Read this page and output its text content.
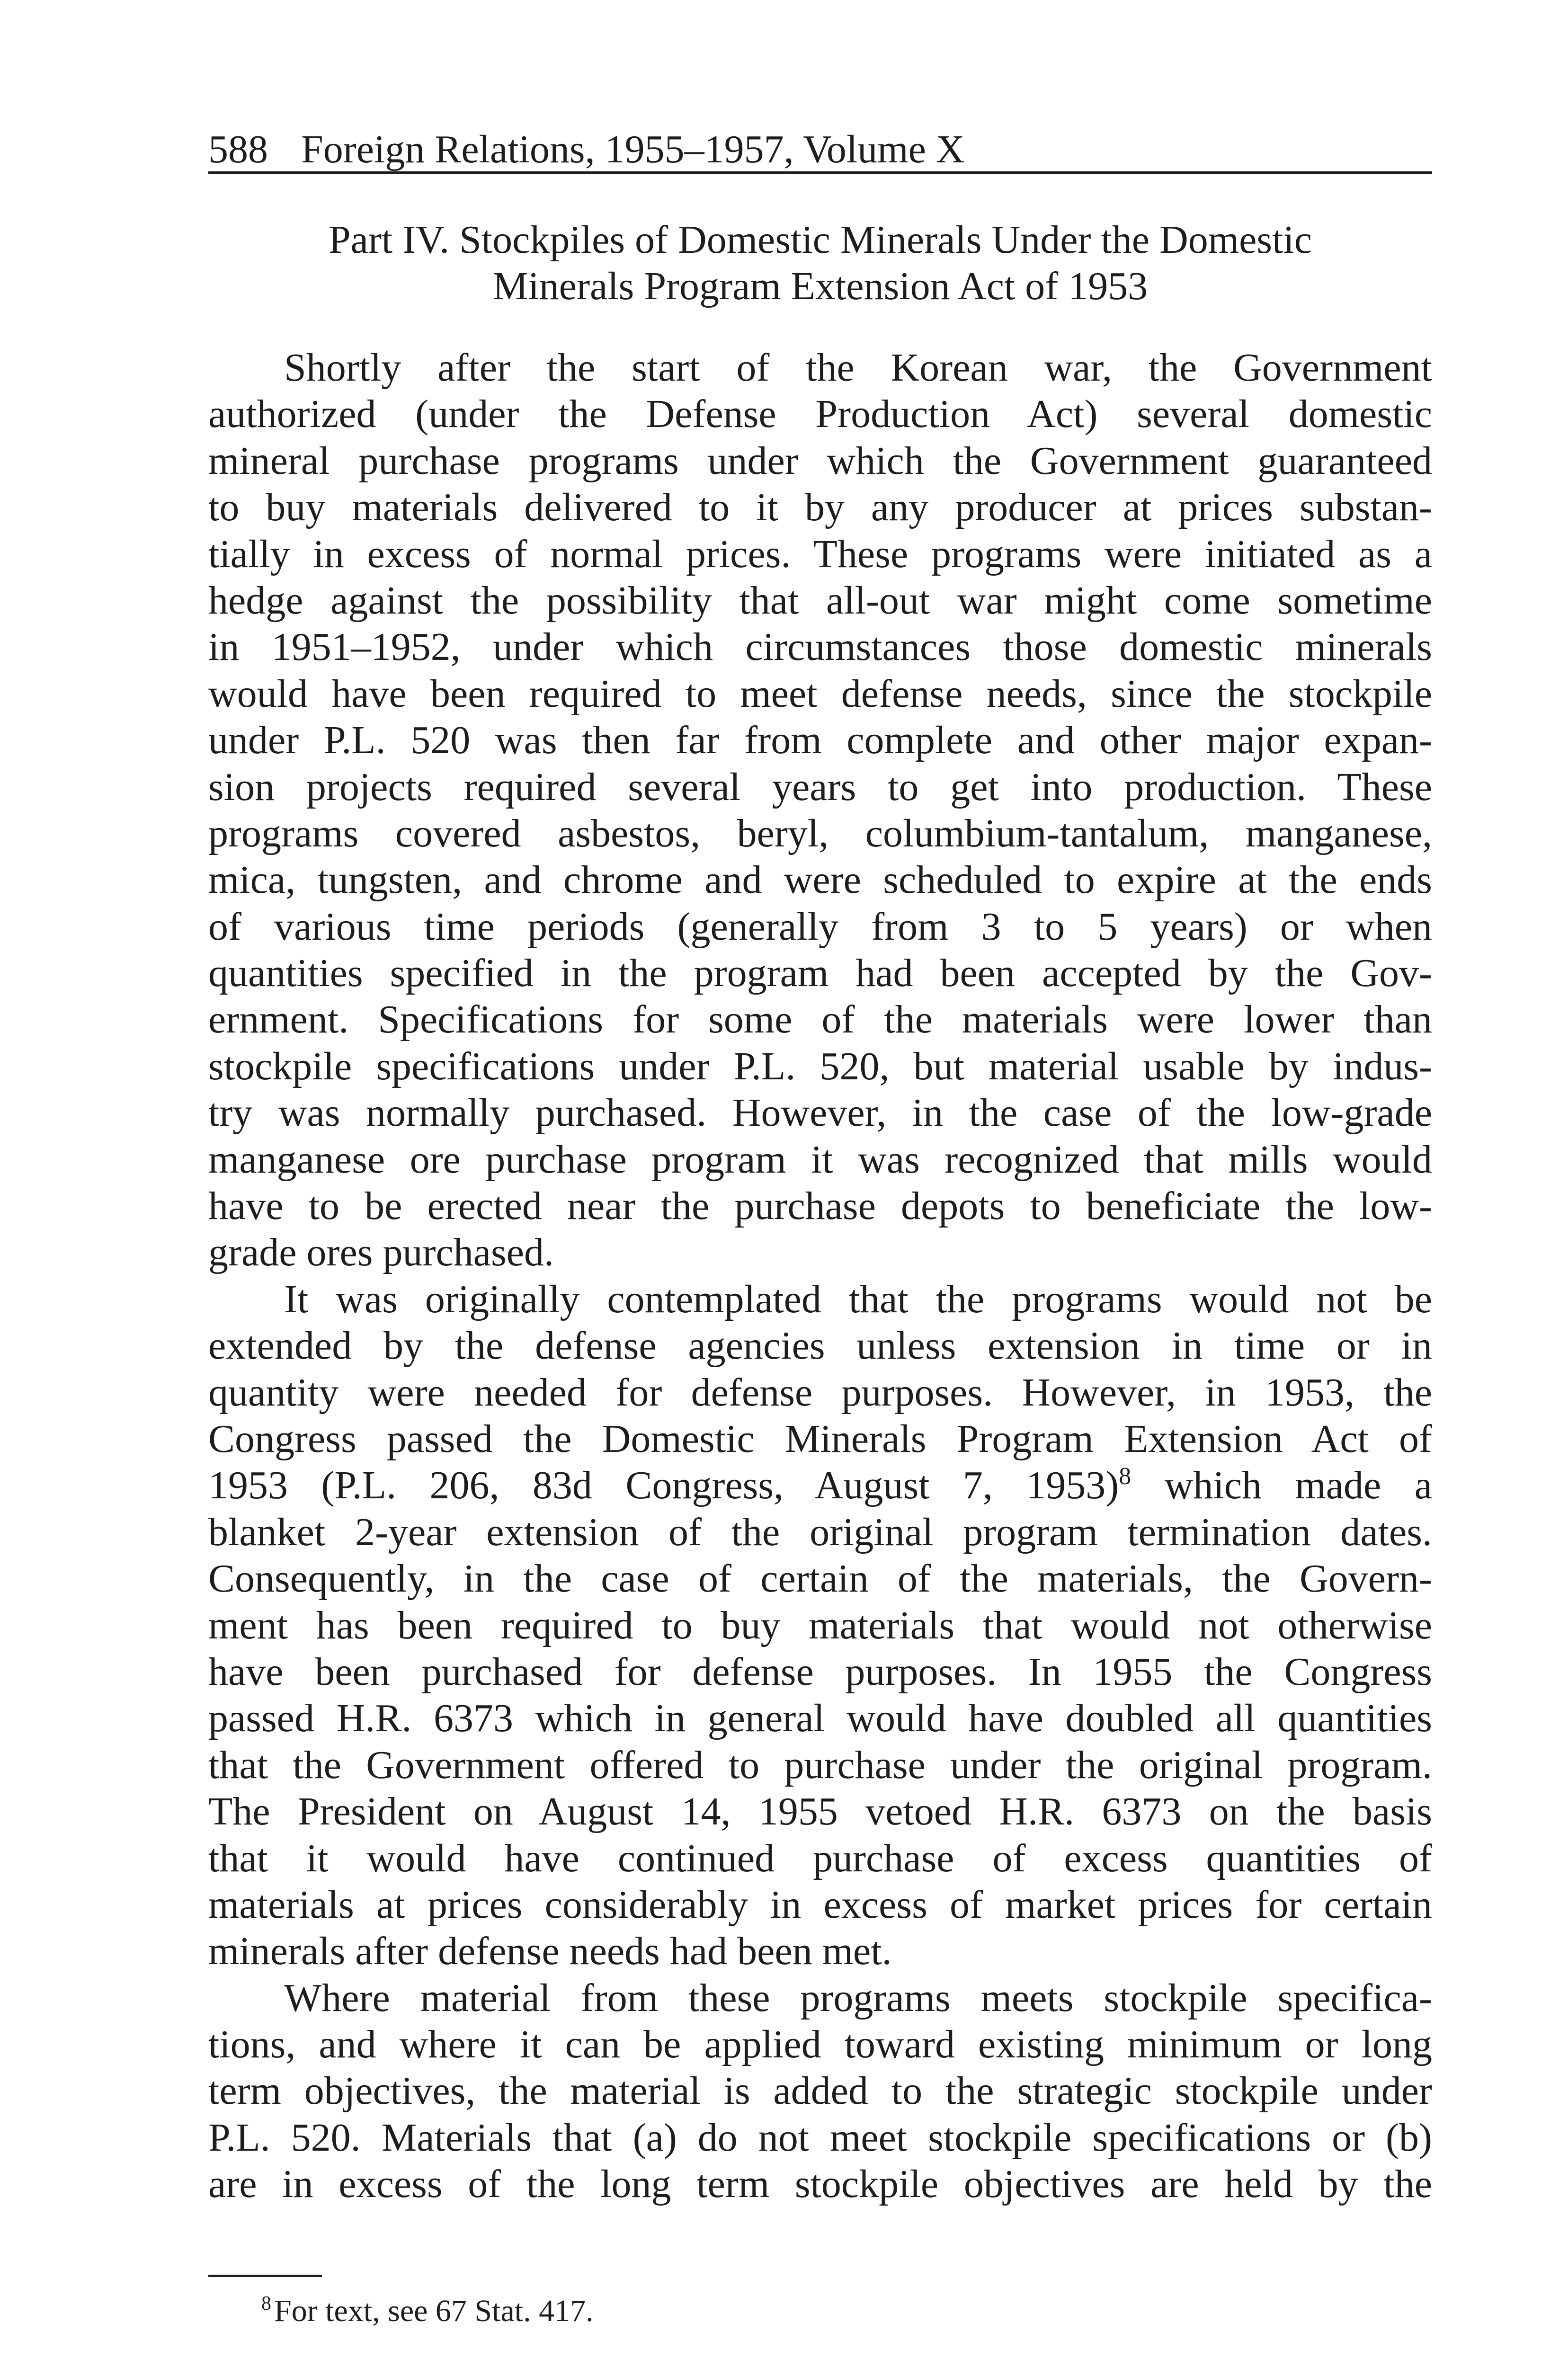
588 Foreign Relations, 1955–1957, Volume X
Part IV. Stockpiles of Domestic Minerals Under the Domestic
Minerals Program Extension Act of 1953
Shortly after the start of the Korean war, the Government
authorized (under the Defense Production Act) several domestic
mineral purchase programs under which the Government guaranteed
to buy materials delivered to it by any producer at prices substan-
tially in excess of normal prices. These programs were initiated as a
hedge against the possibility that all-out war might come sometime
in 1951–1952, under which circumstances those domestic minerals
would have been required to meet defense needs, since the stockpile
under P.L. 520 was then far from complete and other major expan-
sion projects required several years to get into production. These
programs covered asbestos, beryl, columbium-tantalum, manganese,
mica, tungsten, and chrome and were scheduled to expire at the ends
of various time periods (generally from 3 to 5 years) or when
quantities specified in the program had been accepted by the Gov-
ernment. Specifications for some of the materials were lower than
stockpile specifications under P.L. 520, but material usable by indus-
try was normally purchased. However, in the case of the low-grade
manganese ore purchase program it was recognized that mills would
have to be erected near the purchase depots to beneficiate the low-
grade ores purchased.
It was originally contemplated that the programs would not be
extended by the defense agencies unless extension in time or in
quantity were needed for defense purposes. However, in 1953, the
Congress passed the Domestic Minerals Program Extension Act of
1953 (P.L. 206, 83d Congress, August 7, 1953)$^8$ which made a
blanket 2-year extension of the original program termination dates.
Consequently, in the case of certain of the materials, the Govern-
ment has been required to buy materials that would not otherwise
have been purchased for defense purposes. In 1955 the Congress
passed H.R. 6373 which in general would have doubled all quantities
that the Government offered to purchase under the original program.
The President on August 14, 1955 vetoed H.R. 6373 on the basis
that it would have continued purchase of excess quantities of
materials at prices considerably in excess of market prices for certain
minerals after defense needs had been met.
Where material from these programs meets stockpile specifica-
tions, and where it can be applied toward existing minimum or long
term objectives, the material is added to the strategic stockpile under
P.L. 520. Materials that (a) do not meet stockpile specifications or (b)
are in excess of the long term stockpile objectives are held by the
$^8$For text, see 67 Stat. 417.
